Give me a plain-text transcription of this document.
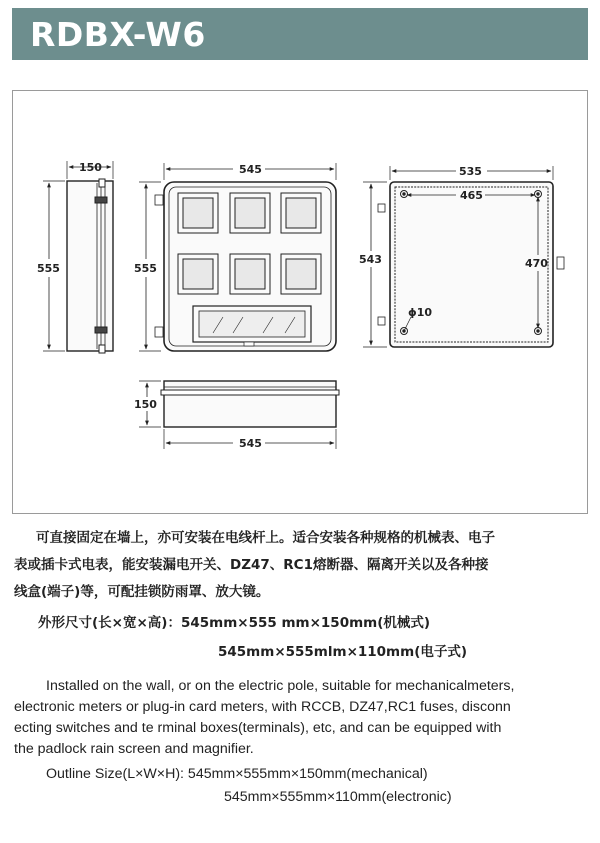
RDBX-W6
150
555
545
555
535
465
543	470
ϕ10
150
545
可直接固定在墙上，亦可安装在电线杆上。适合安装各种规格的机械表、电子
表或插卡式电表，能安装漏电开关、DZ47、RC1熔断器、隔离开关以及各种接
线盒(端子)等，可配挂锁防雨罩、放大镜。
外形尺寸(长×宽×高)：545mm×555 mm×150mm(机械式)
545mm×555mlm×110mm(电子式)
Installed on the wall, or on the electric pole, suitable for mechanicalmeters,
electronic meters or plug-in card meters, with RCCB, DZ47,RC1 fuses, disconn
ecting switches and te rminal boxes(terminals), etc, and can be equipped with
the padlock rain screen and magnifier.
Outline Size(L×W×H): 545mm×555mm×150mm(mechanical)
545mm×555mm×110mm(electronic)
